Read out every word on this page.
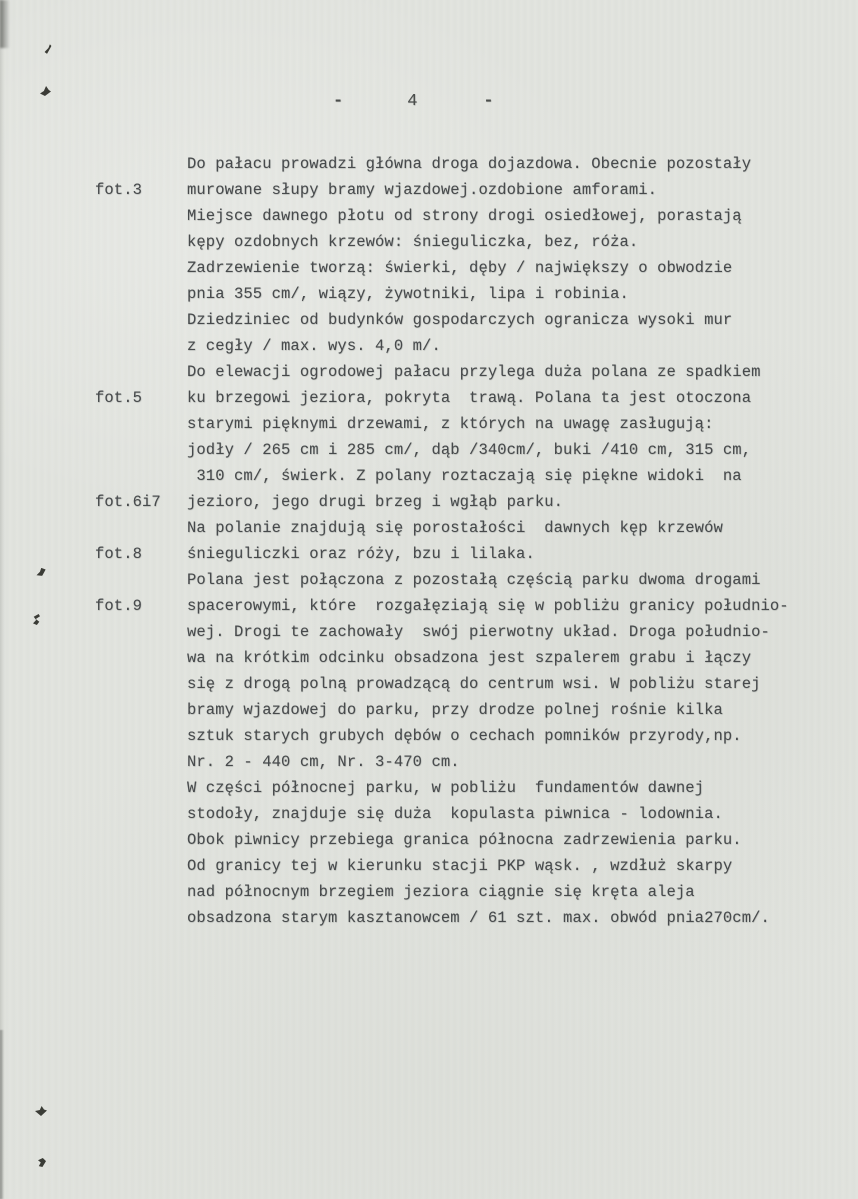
-	4	-
Do pałacu prowadzi główna droga dojazdowa. Obecnie pozostały
fot.3	murowane słupy bramy wjazdowej.ozdobione amforami.
Miejsce dawnego płotu od strony drogi osiedłowej, porastają
kępy ozdobnych krzewów: śnieguliczka, bez, róża.
Zadrzewienie tworzą: świerki, dęby / największy o obwodzie
pnia 355 cm/, wiązy, żywotniki, lipa i robinia.
Dziedziniec od budynków gospodarczych ogranicza wysoki mur
z cegły / max. wys. 4,0 m/.
Do elewacji ogrodowej pałacu przylega duża polana ze spadkiem
fot.5	ku brzegowi jeziora, pokryta  trawą. Polana ta jest otoczona
starymi pięknymi drzewami, z których na uwagę zasługują:
jodły / 265 cm i 285 cm/, dąb /340cm/, buki /410 cm, 315 cm,
310 cm/, świerk. Z polany roztaczają się piękne widoki  na
fot.6i7	jezioro, jego drugi brzeg i wgłąb parku.
Na polanie znajdują się porostałości  dawnych kęp krzewów
fot.8	śnieguliczki oraz róży, bzu i lilaka.
Polana jest połączona z pozostałą częścią parku dwoma drogami
fot.9	spacerowymi, które  rozgałęziają się w pobliżu granicy południo-
wej. Drogi te zachowały  swój pierwotny układ. Droga południo-
wa na krótkim odcinku obsadzona jest szpalerem grabu i łączy
się z drogą polną prowadzącą do centrum wsi. W pobliżu starej
bramy wjazdowej do parku, przy drodze polnej rośnie kilka
sztuk starych grubych dębów o cechach pomników przyrody,np.
Nr. 2 - 440 cm, Nr. 3-470 cm.
W części północnej parku, w pobliżu  fundamentów dawnej
stodoły, znajduje się duża  kopulasta piwnica - lodownia.
Obok piwnicy przebiega granica północna zadrzewienia parku.
Od granicy tej w kierunku stacji PKP wąsk. , wzdłuż skarpy
nad północnym brzegiem jeziora ciągnie się kręta aleja
obsadzona starym kasztanowcem / 61 szt. max. obwód pnia270cm/.
